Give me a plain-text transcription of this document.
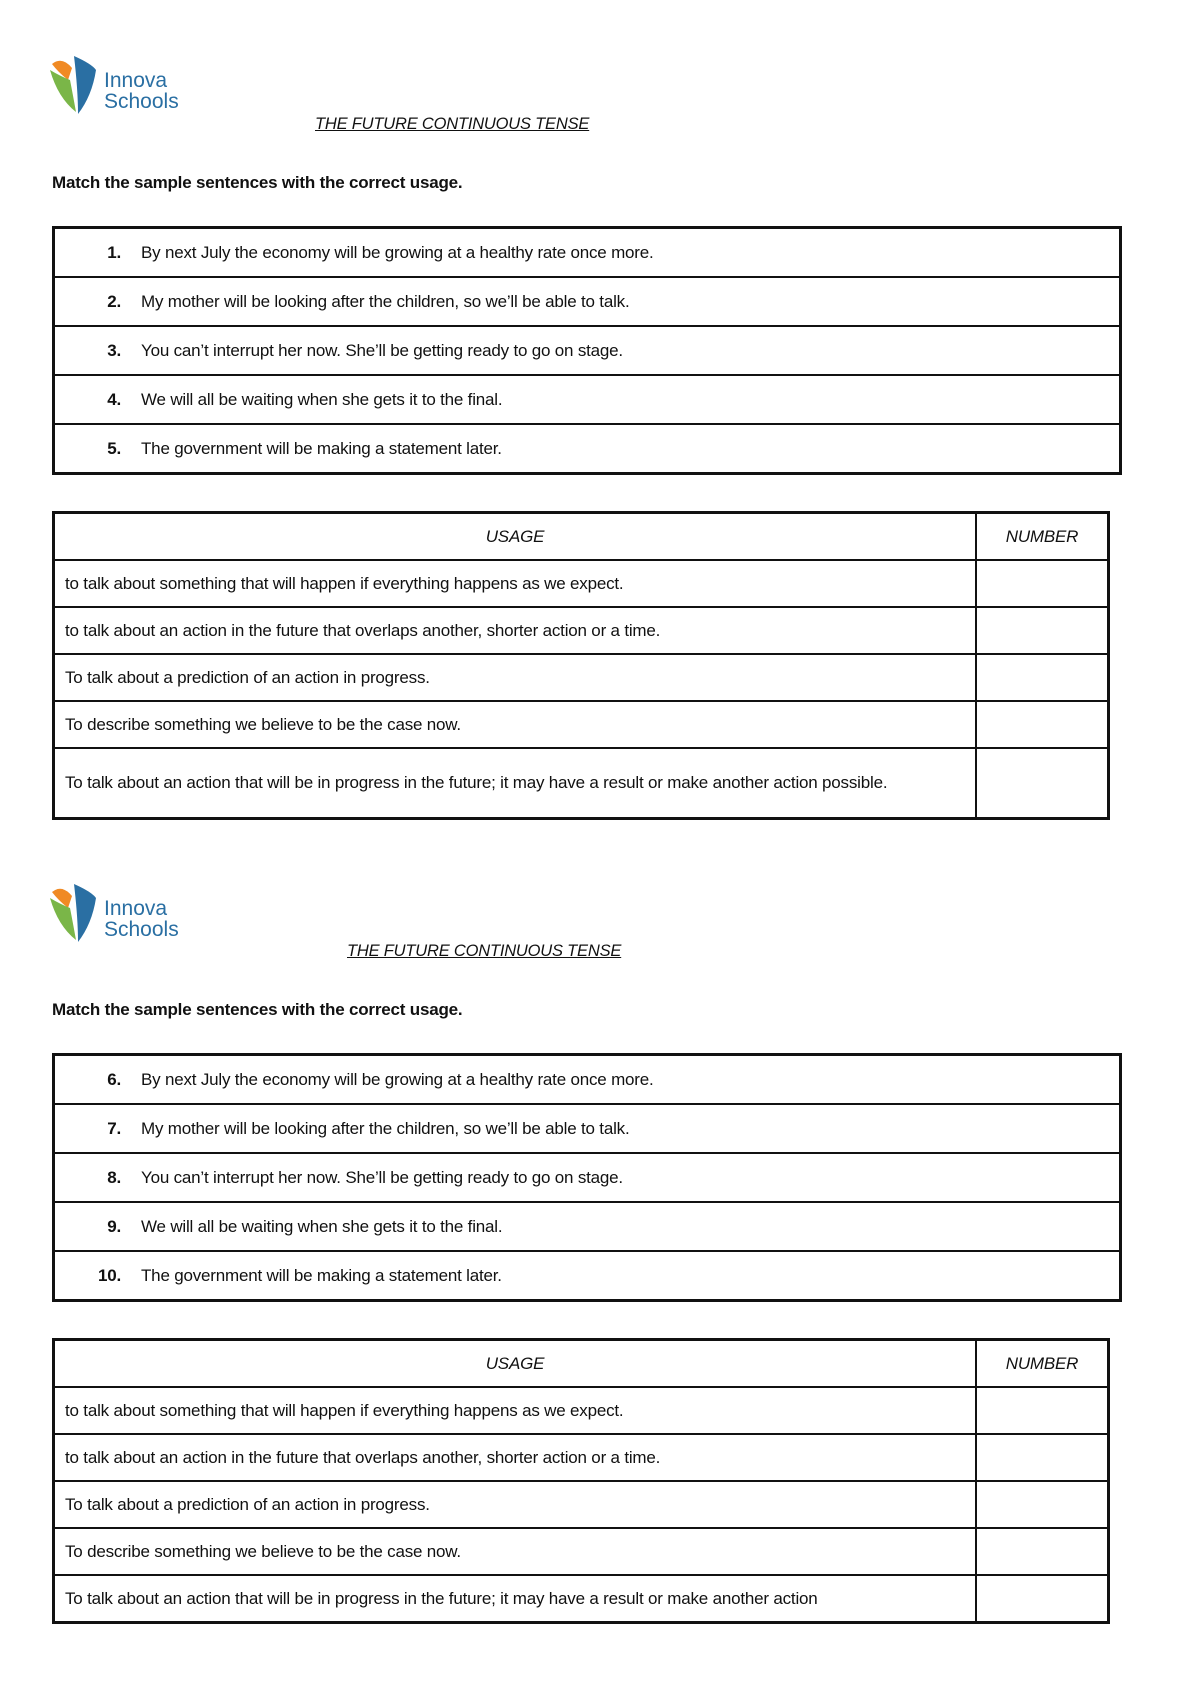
Innova
Schools
THE FUTURE CONTINUOUS TENSE
Match the sample sentences with the correct usage.
1.	By next July the economy will be growing at a healthy rate once more.
2.	My mother will be looking after the children, so we’ll be able to talk.
3.	You can’t interrupt her now. She’ll be getting ready to go on stage.
4.	We will all be waiting when she gets it to the final.
5.	The government will be making a statement later.
USAGE	NUMBER
to talk about something that will happen if everything happens as we expect.	
to talk about an action in the future that overlaps another, shorter action or a time.	
To talk about a prediction of an action in progress.	
To describe something we believe to be the case now.	
To talk about an action that will be in progress in the future; it may have a result or make another action possible.	
Innova
Schools
THE FUTURE CONTINUOUS TENSE
Match the sample sentences with the correct usage.
6.	By next July the economy will be growing at a healthy rate once more.
7.	My mother will be looking after the children, so we’ll be able to talk.
8.	You can’t interrupt her now. She’ll be getting ready to go on stage.
9.	We will all be waiting when she gets it to the final.
10.	The government will be making a statement later.
USAGE	NUMBER
to talk about something that will happen if everything happens as we expect.	
to talk about an action in the future that overlaps another, shorter action or a time.	
To talk about a prediction of an action in progress.	
To describe something we believe to be the case now.	
To talk about an action that will be in progress in the future; it may have a result or make another action	
